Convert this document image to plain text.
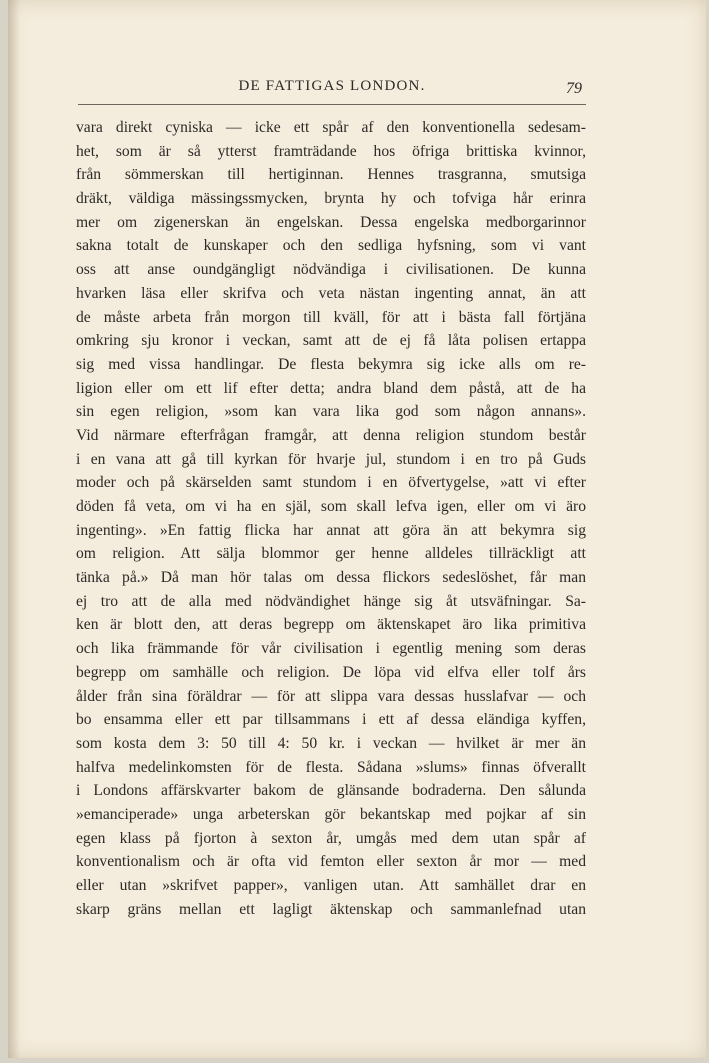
DE FATTIGAS LONDON.	79
vara direkt cyniska — icke ett spår af den konventionella sedesam-
het, som är så ytterst framträdande hos öfriga brittiska kvinnor,
från sömmerskan till hertiginnan. Hennes trasgranna, smutsiga
dräkt, väldiga mässingssmycken, brynta hy och tofviga hår erinra
mer om zigenerskan än engelskan. Dessa engelska medborgarinnor
sakna totalt de kunskaper och den sedliga hyfsning, som vi vant
oss att anse oundgängligt nödvändiga i civilisationen. De kunna
hvarken läsa eller skrifva och veta nästan ingenting annat, än att
de måste arbeta från morgon till kväll, för att i bästa fall förtjäna
omkring sju kronor i veckan, samt att de ej få låta polisen ertappa
sig med vissa handlingar. De flesta bekymra sig icke alls om re-
ligion eller om ett lif efter detta; andra bland dem påstå, att de ha
sin egen religion, »som kan vara lika god som någon annans».
Vid närmare efterfrågan framgår, att denna religion stundom består
i en vana att gå till kyrkan för hvarje jul, stundom i en tro på Guds
moder och på skärselden samt stundom i en öfvertygelse, »att vi efter
döden få veta, om vi ha en själ, som skall lefva igen, eller om vi äro
ingenting». »En fattig flicka har annat att göra än att bekymra sig
om religion. Att sälja blommor ger henne alldeles tillräckligt att
tänka på.» Då man hör talas om dessa flickors sedeslöshet, får man
ej tro att de alla med nödvändighet hänge sig åt utsväfningar. Sa-
ken är blott den, att deras begrepp om äktenskapet äro lika primitiva
och lika främmande för vår civilisation i egentlig mening som deras
begrepp om samhälle och religion. De löpa vid elfva eller tolf års
ålder från sina föräldrar — för att slippa vara dessas husslafvar — och
bo ensamma eller ett par tillsammans i ett af dessa eländiga kyffen,
som kosta dem 3: 50 till 4: 50 kr. i veckan — hvilket är mer än
halfva medelinkomsten för de flesta. Sådana »slums» finnas öfverallt
i Londons affärskvarter bakom de glänsande bodraderna. Den sålunda
»emanciperade» unga arbeterskan gör bekantskap med pojkar af sin
egen klass på fjorton à sexton år, umgås med dem utan spår af
konventionalism och är ofta vid femton eller sexton år mor — med
eller utan »skrifvet papper», vanligen utan. Att samhället drar en
skarp gräns mellan ett lagligt äktenskap och sammanlefnad utan
